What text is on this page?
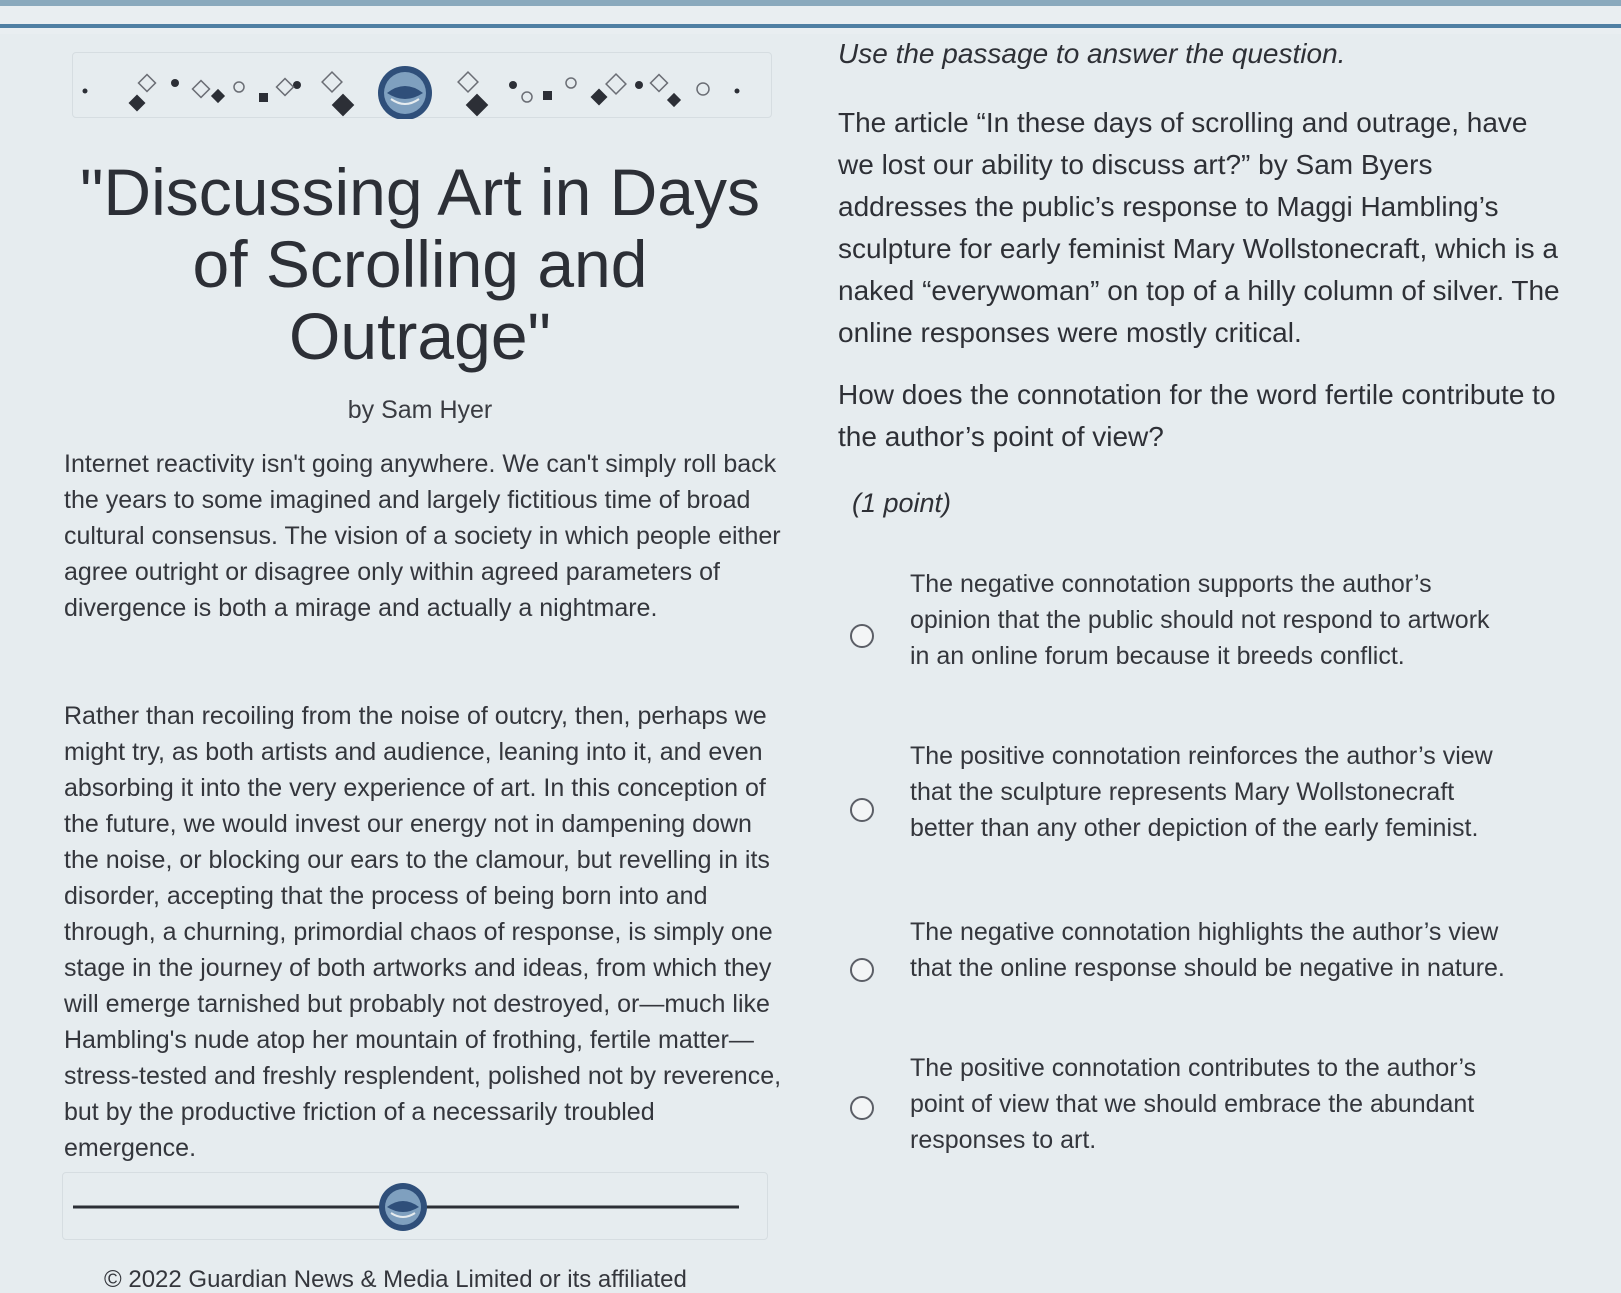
"Discussing Art in Days of Scrolling and Outrage"
by Sam Hyer

Internet reactivity isn't going anywhere. We can't simply roll back the years to some imagined and largely fictitious time of broad cultural consensus. The vision of a society in which people either agree outright or disagree only within agreed parameters of divergence is both a mirage and actually a nightmare.

Rather than recoiling from the noise of outcry, then, perhaps we might try, as both artists and audience, leaning into it, and even absorbing it into the very experience of art. In this conception of the future, we would invest our energy not in dampening down the noise, or blocking our ears to the clamour, but revelling in its disorder, accepting that the process of being born into and through, a churning, primordial chaos of response, is simply one stage in the journey of both artworks and ideas, from which they will emerge tarnished but probably not destroyed, or—much like Hambling's nude atop her mountain of frothing, fertile matter—stress-tested and freshly resplendent, polished not by reverence, but by the productive friction of a necessarily troubled emergence.

© 2022 Guardian News & Media Limited or its affiliated
Use the passage to answer the question.

The article “In these days of scrolling and outrage, have we lost our ability to discuss art?” by Sam Byers addresses the public’s response to Maggi Hambling’s sculpture for early feminist Mary Wollstonecraft, which is a naked “everywoman” on top of a hilly column of silver. The online responses were mostly critical.

How does the connotation for the word fertile contribute to the author’s point of view?

(1 point)
The negative connotation supports the author’s opinion that the public should not respond to artwork in an online forum because it breeds conflict.
The positive connotation reinforces the author’s view that the sculpture represents Mary Wollstonecraft better than any other depiction of the early feminist.
The negative connotation highlights the author’s view that the online response should be negative in nature.
The positive connotation contributes to the author’s point of view that we should embrace the abundant responses to art.
